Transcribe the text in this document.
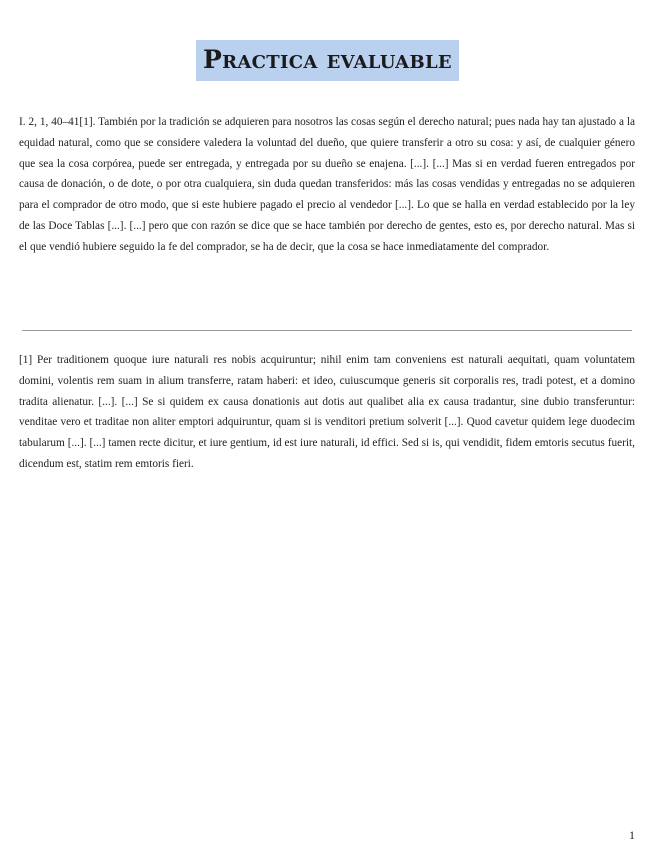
Practica evaluable

I. 2, 1, 40–41[1]. También por la tradición se adquieren para nosotros las cosas según el derecho natural; pues nada hay tan ajustado a la equidad natural, como que se considere valedera la voluntad del dueño, que quiere transferir a otro su cosa: y así, de cualquier género que sea la cosa corpórea, puede ser entregada, y entregada por su dueño se enajena. [...]. [...] Mas si en verdad fueren entregados por causa de donación, o de dote, o por otra cualquiera, sin duda quedan transferidos: más las cosas vendidas y entregadas no se adquieren para el comprador de otro modo, que si este hubiere pagado el precio al vendedor [...]. Lo que se halla en verdad establecido por la ley de las Doce Tablas [...]. [...] pero que con razón se dice que se hace también por derecho de gentes, esto es, por derecho natural. Mas si el que vendió hubiere seguido la fe del comprador, se ha de decir, que la cosa se hace inmediatamente del comprador.

[1] Per traditionem quoque iure naturali res nobis acquiruntur; nihil enim tam conveniens est naturali aequitati, quam voluntatem domini, volentis rem suam in alium transferre, ratam haberi: et ideo, cuiuscumque generis sit corporalis res, tradi potest, et a domino tradita alienatur. [...]. [...] Se si quidem ex causa donationis aut dotis aut qualibet alia ex causa tradantur, sine dubio transferuntur: venditae vero et traditae non aliter emptori adquiruntur, quam si is venditori pretium solverit [...]. Quod cavetur quidem lege duodecim tabularum [...]. [...] tamen recte dicitur, et iure gentium, id est iure naturali, id effici. Sed si is, qui vendidit, fidem emtoris secutus fuerit, dicendum est, statim rem emtoris fieri.

1
